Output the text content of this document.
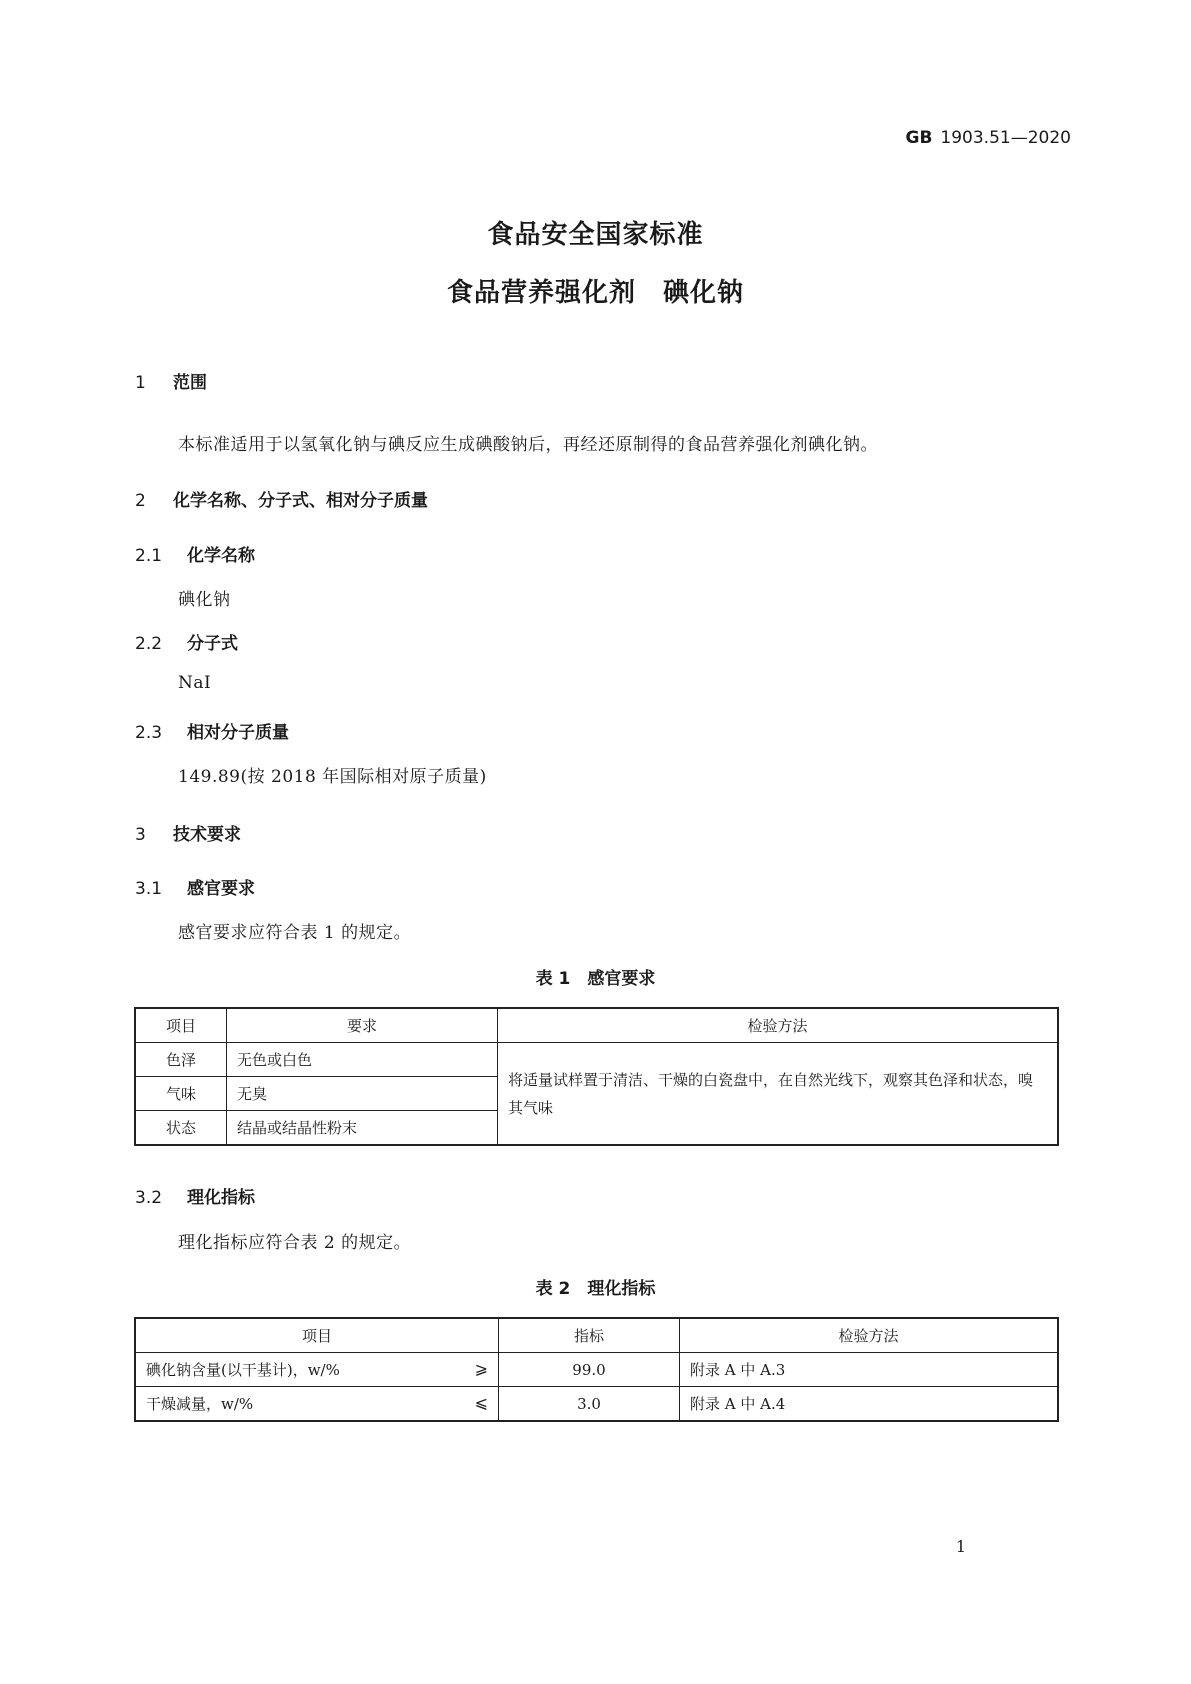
GB 1903.51—2020
食品安全国家标准
食品营养强化剂　碘化钠
1 范围
本标准适用于以氢氧化钠与碘反应生成碘酸钠后，再经还原制得的食品营养强化剂碘化钠。
2 化学名称、分子式、相对分子质量
2.1 化学名称
碘化钠
2.2 分子式
NaI
2.3 相对分子质量
149.89(按 2018 年国际相对原子质量)
3 技术要求
3.1 感官要求
感官要求应符合表 1 的规定。
表 1　感官要求
项目	要求	检验方法
色泽	无色或白色	将适量试样置于清洁、干燥的白瓷盘中，在自然光线下，观察其色泽和状态，嗅其气味
气味	无臭	
状态	结晶或结晶性粉末	
3.2 理化指标
理化指标应符合表 2 的规定。
表 2　理化指标
项目	指标	检验方法
碘化钠含量(以干基计)，w/% ⩾	99.0	附录 A 中 A.3
干燥减量，w/% ⩽	3.0	附录 A 中 A.4
1
